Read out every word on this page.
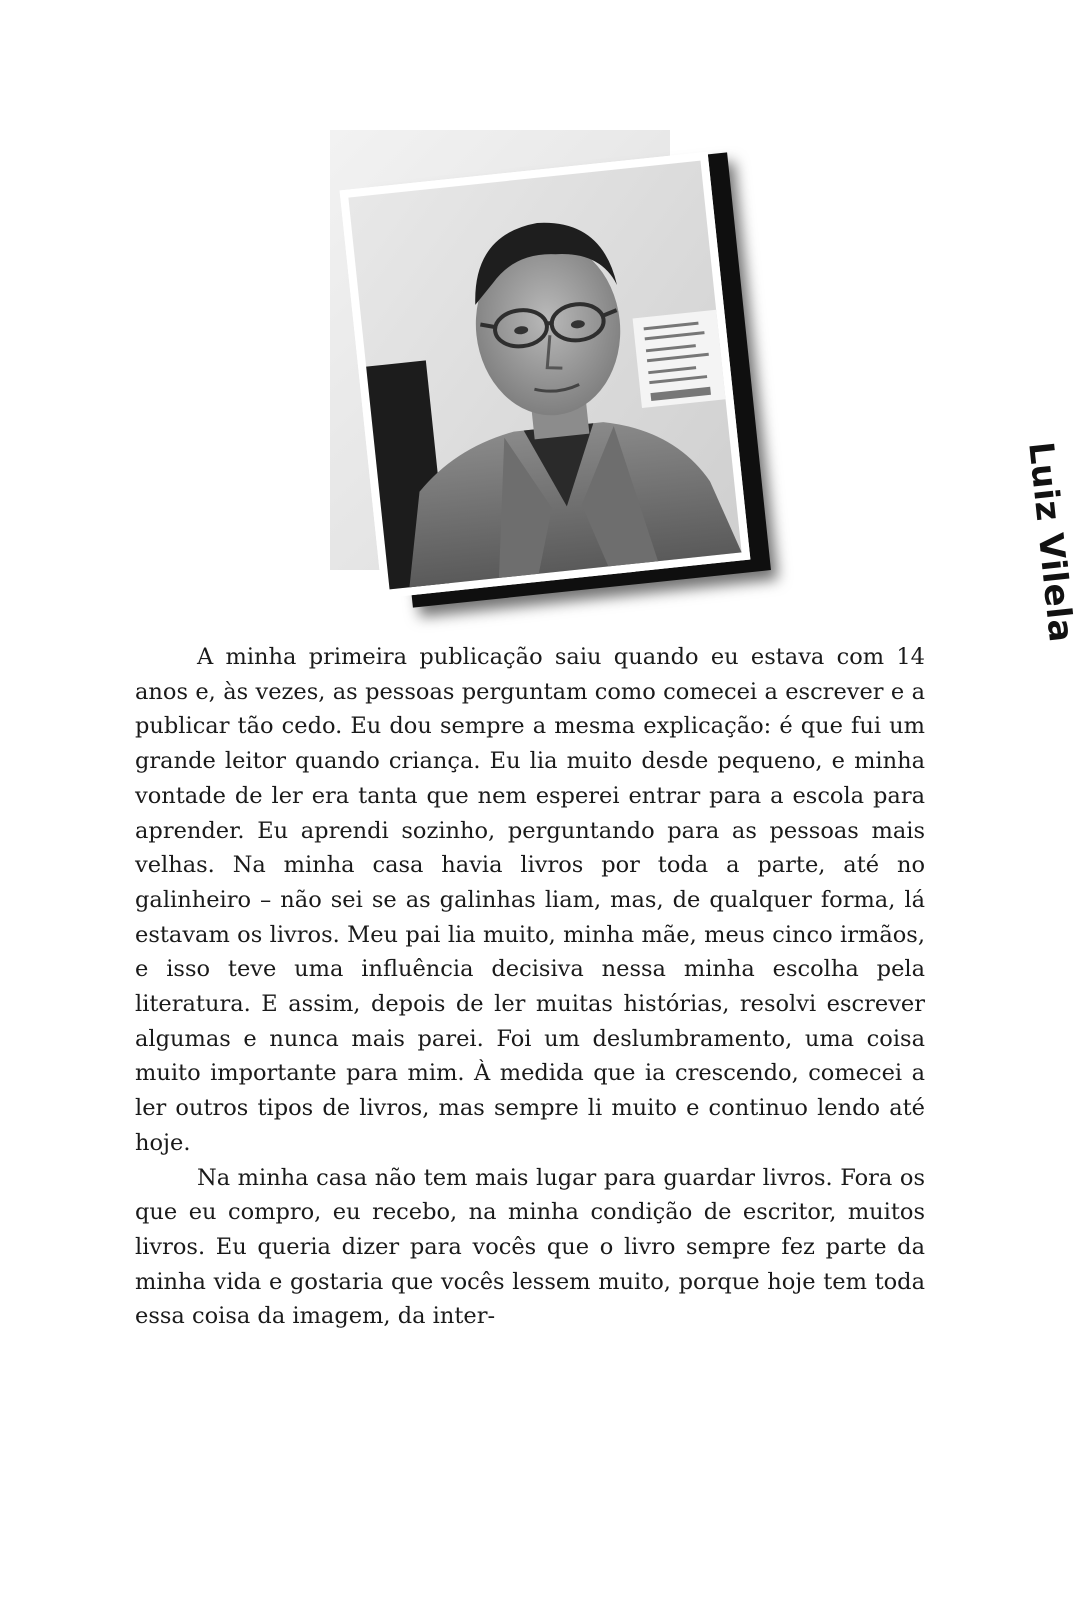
Luiz Vilela

A minha primeira publicação saiu quando eu estava com 14 anos e, às vezes, as pessoas perguntam como comecei a escrever e a publicar tão cedo. Eu dou sempre a mesma explicação: é que fui um grande leitor quando criança. Eu lia muito desde pequeno, e minha vontade de ler era tanta que nem esperei entrar para a escola para aprender. Eu aprendi sozinho, perguntando para as pessoas mais velhas. Na minha casa havia livros por toda a parte, até no galinheiro – não sei se as galinhas liam, mas, de qualquer forma, lá estavam os livros. Meu pai lia muito, minha mãe, meus cinco irmãos, e isso teve uma influência decisiva nessa minha escolha pela literatura. E assim, depois de ler muitas histórias, resolvi escrever algumas e nunca mais parei. Foi um deslumbramento, uma coisa muito importante para mim. À medida que ia crescendo, comecei a ler outros tipos de livros, mas sempre li muito e continuo lendo até hoje.

Na minha casa não tem mais lugar para guardar livros. Fora os que eu compro, eu recebo, na minha condição de escritor, muitos livros. Eu queria dizer para vocês que o livro sempre fez parte da minha vida e gostaria que vocês lessem muito, porque hoje tem toda essa coisa da imagem, da inter-
